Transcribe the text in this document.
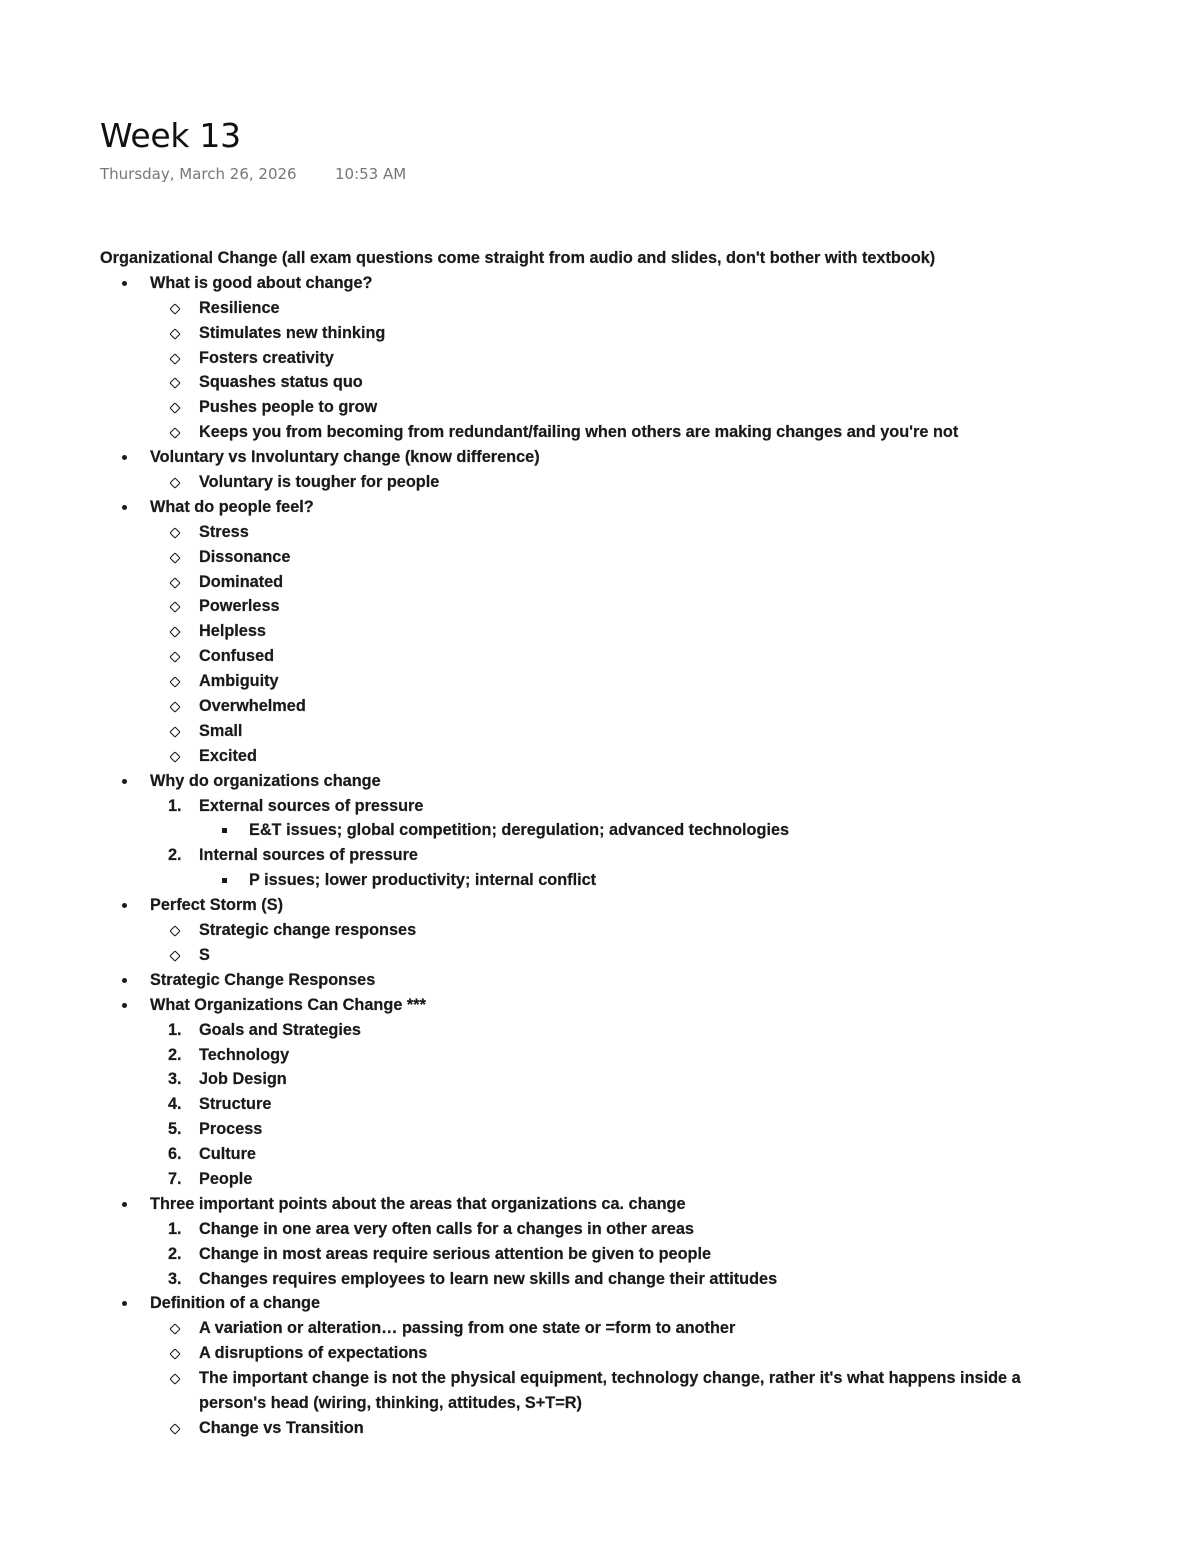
Week 13
Thursday, March 26, 2026	10:53 AM
Organizational Change (all exam questions come straight from audio and slides, don't bother with textbook)
What is good about change?
Resilience
Stimulates new thinking
Fosters creativity
Squashes status quo
Pushes people to grow
Keeps you from becoming from redundant/failing when others are making changes and you're not
Voluntary vs Involuntary change (know difference)
Voluntary is tougher for people
What do people feel?
Stress
Dissonance
Dominated
Powerless
Helpless
Confused
Ambiguity
Overwhelmed
Small
Excited
Why do organizations change
1. External sources of pressure
E&T issues; global competition; deregulation; advanced technologies
2. Internal sources of pressure
P issues; lower productivity; internal conflict
Perfect Storm (S)
Strategic change responses
S
Strategic Change Responses
What Organizations Can Change ***
1. Goals and Strategies
2. Technology
3. Job Design
4. Structure
5. Process
6. Culture
7. People
Three important points about the areas that organizations ca. change
1. Change in one area very often calls for a changes in other areas
2. Change in most areas require serious attention be given to people
3. Changes requires employees to learn new skills and change their attitudes
Definition of a change
A variation or alteration… passing from one state or =form to another
A disruptions of expectations
The important change is not the physical equipment, technology change, rather it's what happens inside a
person's head (wiring, thinking, attitudes, S+T=R)
Change vs Transition
